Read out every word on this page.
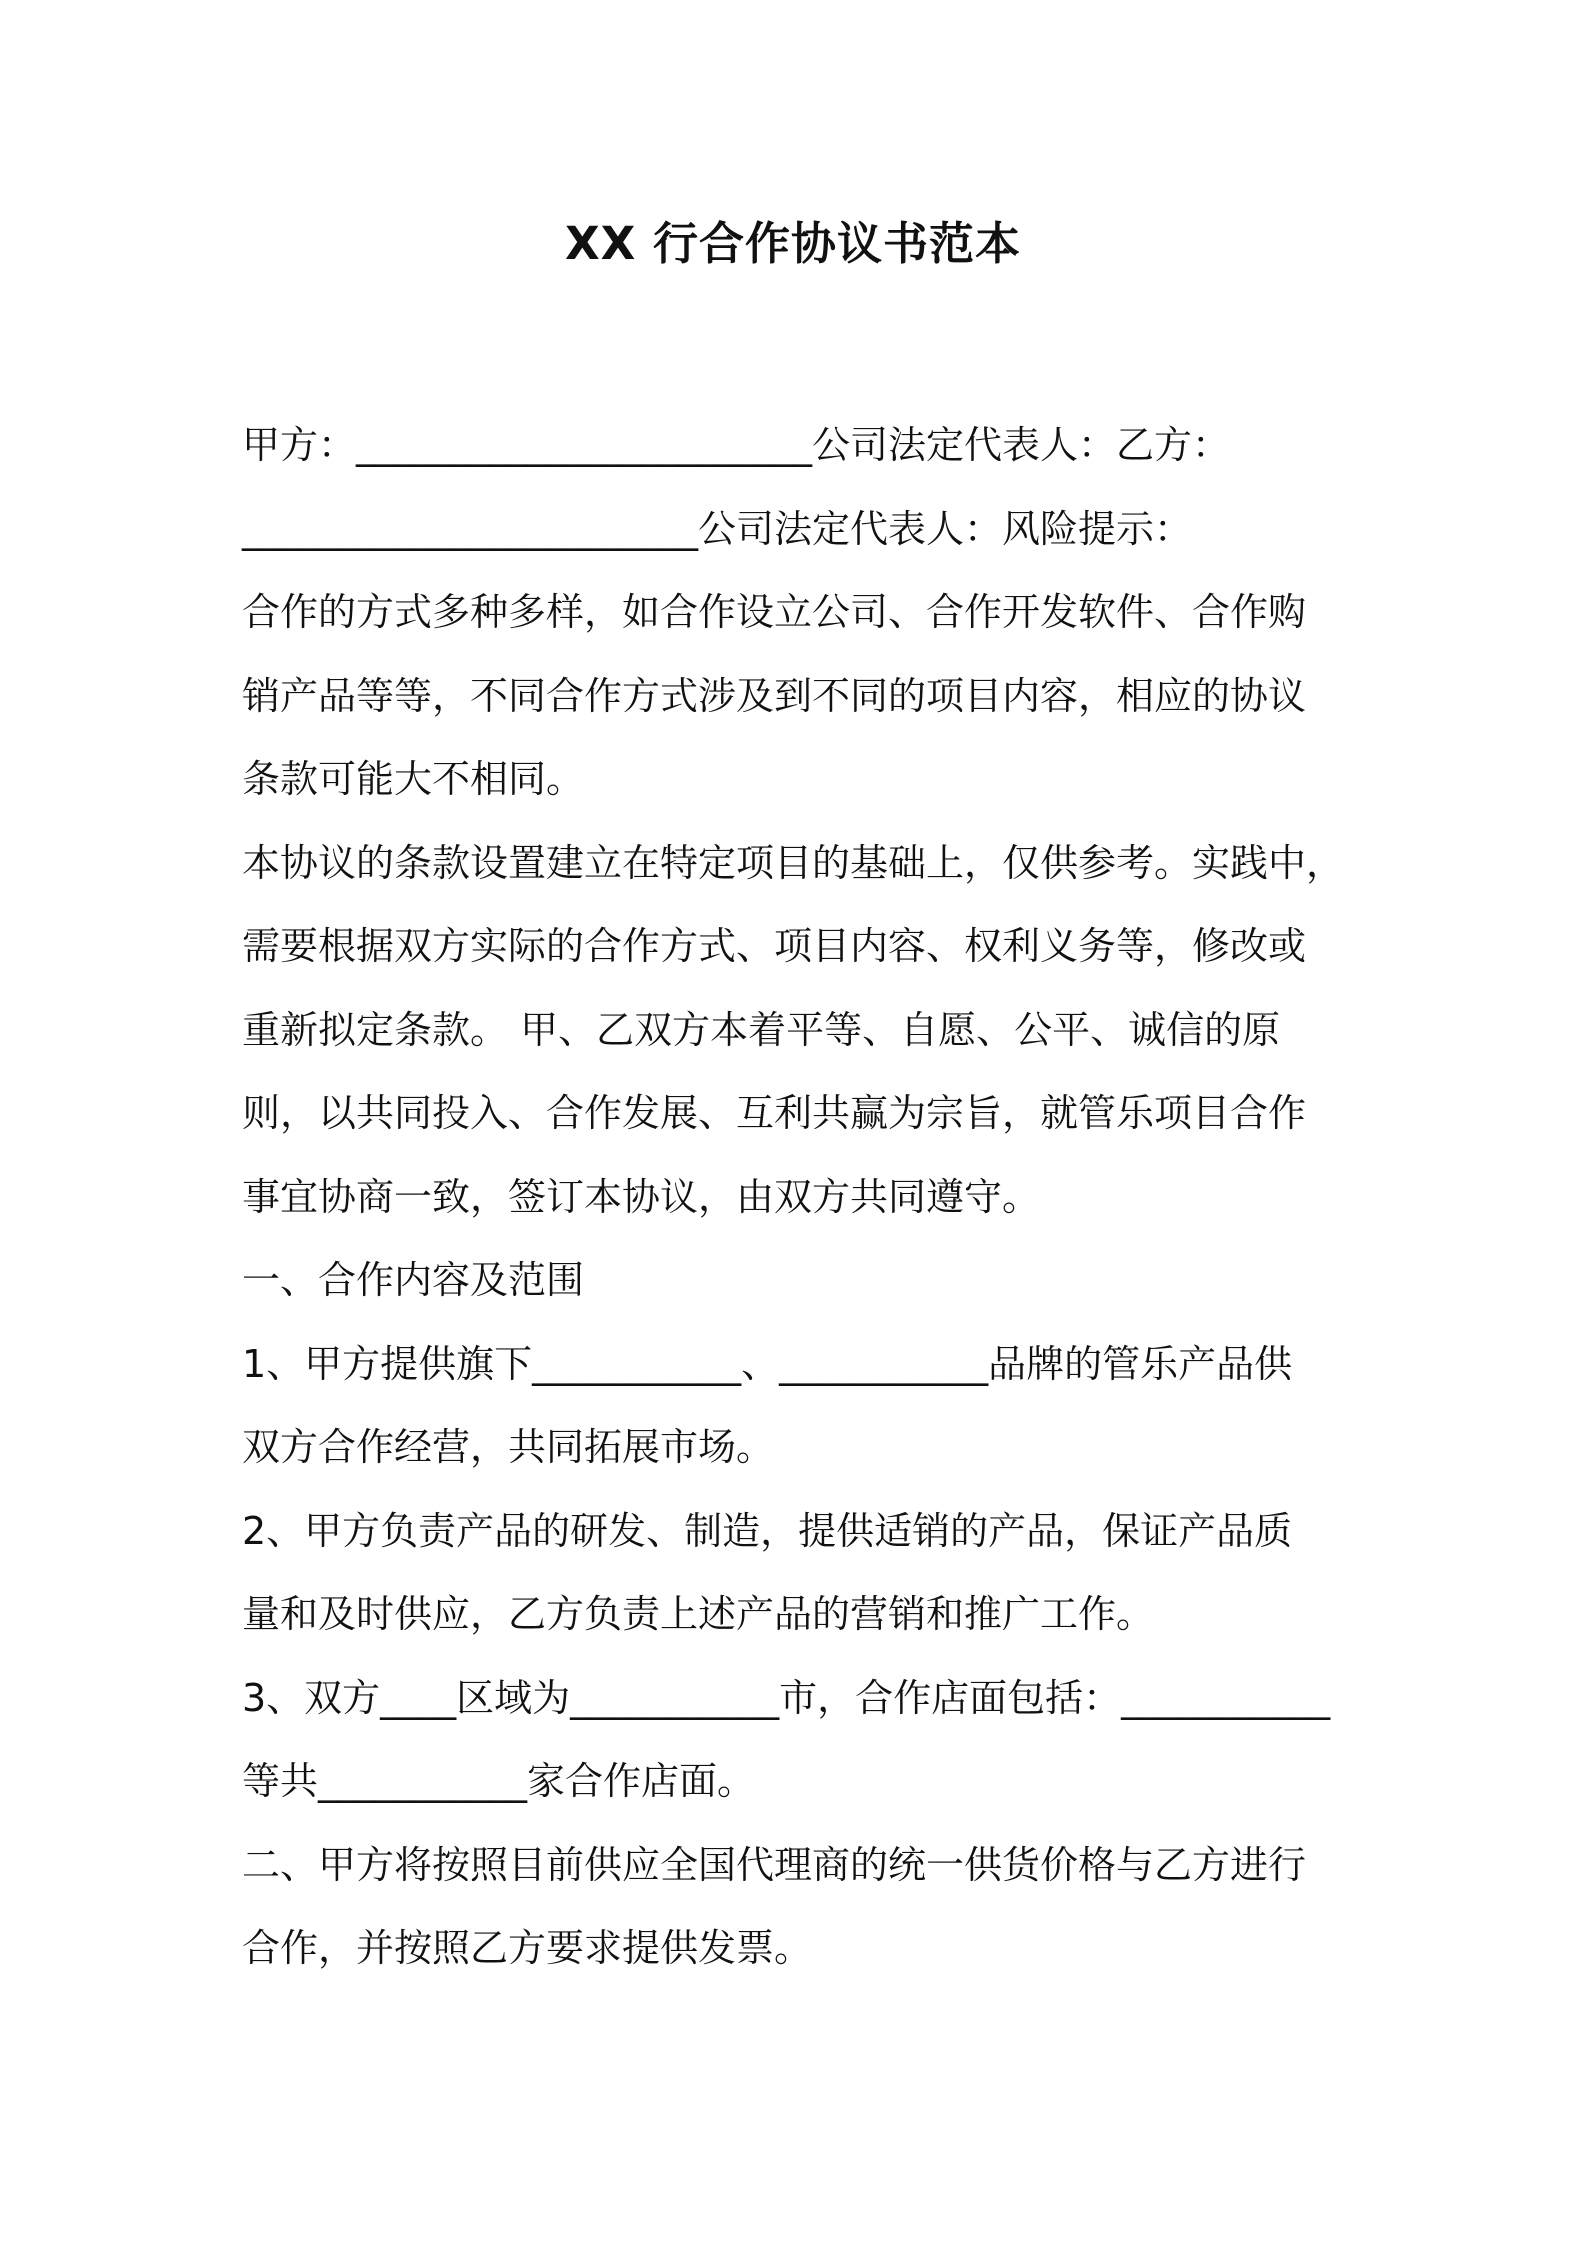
XX 行合作协议书范本
甲方：________________________公司法定代表人：乙方：
________________________公司法定代表人：风险提示：
合作的方式多种多样，如合作设立公司、合作开发软件、合作购
销产品等等，不同合作方式涉及到不同的项目内容，相应的协议
条款可能大不相同。
本协议的条款设置建立在特定项目的基础上，仅供参考。实践中，
需要根据双方实际的合作方式、项目内容、权利义务等，修改或
重新拟定条款。 甲、乙双方本着平等、自愿、公平、诚信的原
则，以共同投入、合作发展、互利共赢为宗旨，就管乐项目合作
事宜协商一致，签订本协议，由双方共同遵守。
一、合作内容及范围
1、甲方提供旗下___________、___________品牌的管乐产品供
双方合作经营，共同拓展市场。
2、甲方负责产品的研发、制造，提供适销的产品，保证产品质
量和及时供应，乙方负责上述产品的营销和推广工作。
3、双方____区域为___________市，合作店面包括：___________
等共___________家合作店面。
二、甲方将按照目前供应全国代理商的统一供货价格与乙方进行
合作，并按照乙方要求提供发票。
